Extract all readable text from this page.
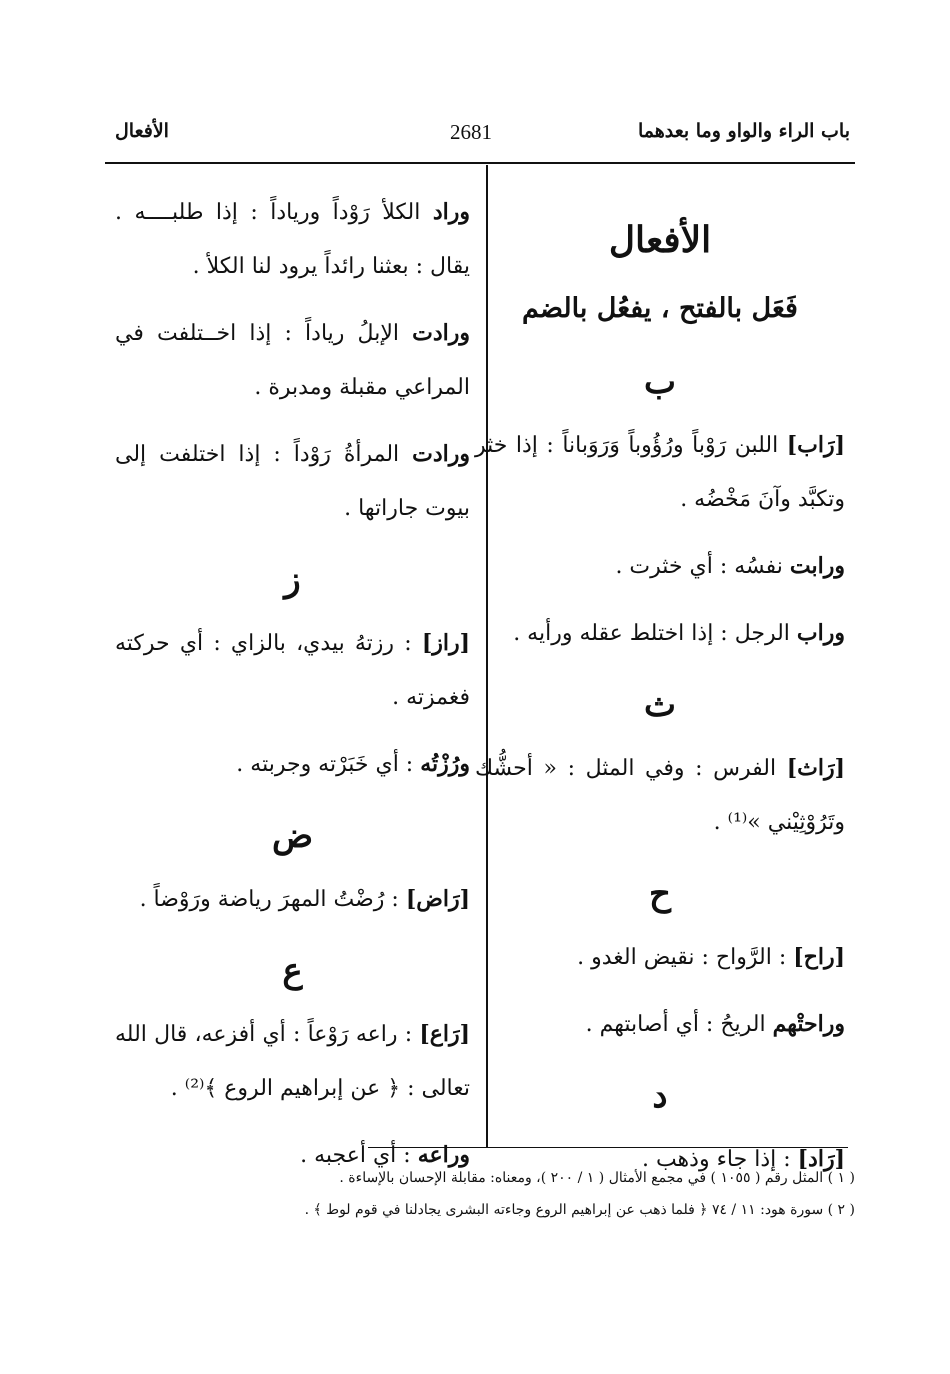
باب الراء والواو وما بعدهما
2681
الأفعال
الأفعال
فَعَل بالفتح ، يفعُل بالضم
ب

[رَاب] اللبن رَوْباً ورُؤُوباً وَرَوَباناً : إذا خثر وتكبَّد وآنَ مَخْضُه .

ورابت نفسُه : أي خثرت .

وراب الرجل : إذا اختلط عقله ورأيه .

ث

[رَاث] الفرس : وفي المثل : « أحشُّك وتَرُوْثِيْني »⁽¹⁾ .

ح

[راح] : الرَّواح : نقيض الغدو .

وراحتْهم الريحُ : أي أصابتهم .

د

[رَاد] : إذا جاء وذهب .

وراد الكلأ رَوْداً ورياداً : إذا طلبــــه . يقال : بعثنا رائداً يرود لنا الكلأ .

ورادت الإبلُ رياداً : إذا اخــتلفت في المراعي مقبلة ومدبرة .

ورادت المرأةُ رَوْداً : إذا اختلفت إلى بيوت جاراتها .

ز

[راز] : رزتهُ بيدي، بالزاي : أي حركته فغمزته .

ورُزْتُه : أي خَبَرْته وجربته .

ض

[رَاض] : رُضْتُ المهرَ رياضة ورَوْضاً .

ع

[رَاع] : راعه رَوْعاً : أي أفزعه، قال الله تعالى : ﴿ عن إبراهيم الروع ﴾⁽²⁾ .

وراعه : أي أعجبه .

( ١ ) المثل رقم ( ١٠٥٥ ) في مجمع الأمثال ( ١ / ٢٠٠ )، ومعناه: مقابلة الإحسان بالإساءة .
( ٢ ) سورة هود: ١١ / ٧٤ ﴿ فلما ذهب عن إبراهيم الروع وجاءته البشرى يجادلنا في قوم لوط ﴾ .
